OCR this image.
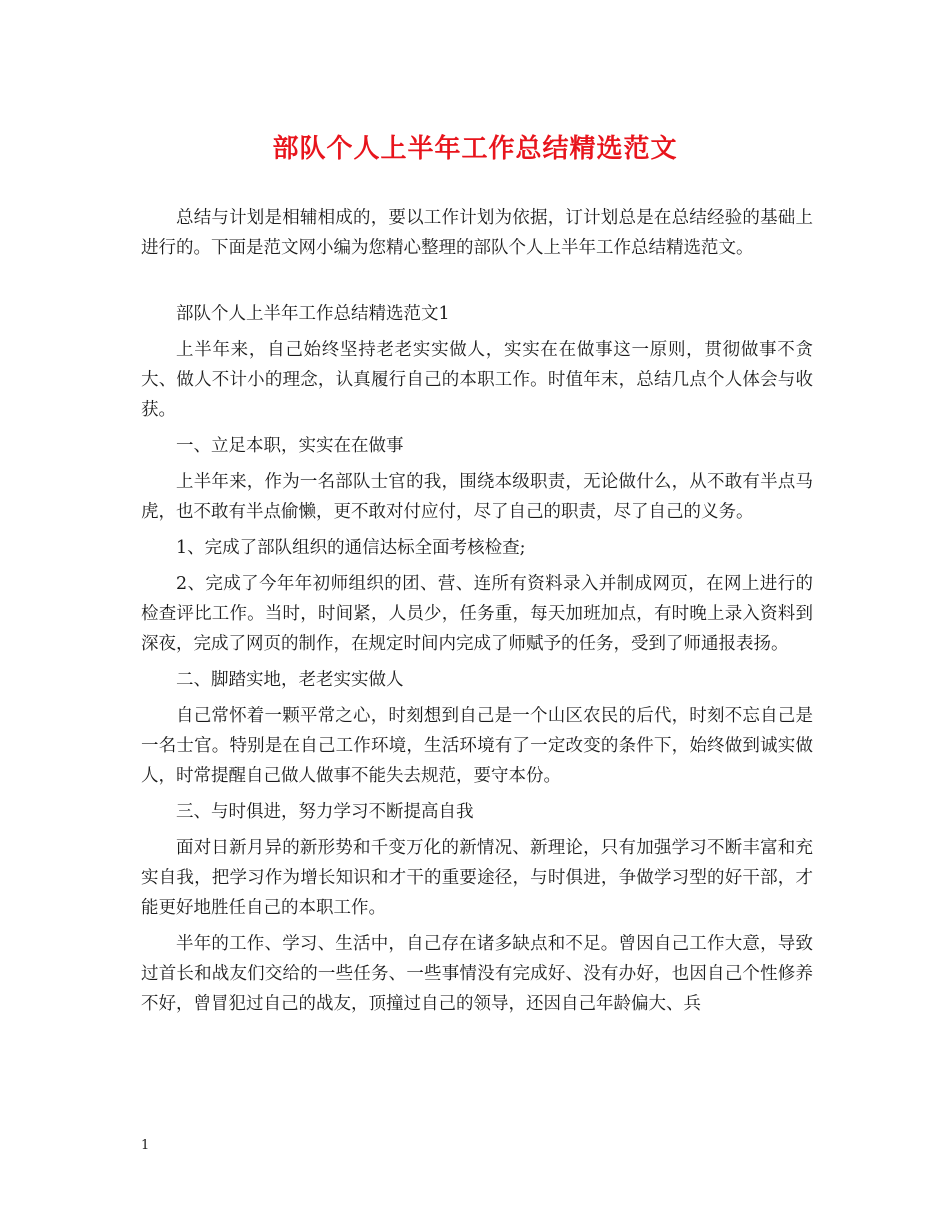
部队个人上半年工作总结精选范文

总结与计划是相辅相成的，要以工作计划为依据，订计划总是在总结经验的基础上进行的。下面是范文网小编为您精心整理的部队个人上半年工作总结精选范文。

部队个人上半年工作总结精选范文1

上半年来，自己始终坚持老老实实做人，实实在在做事这一原则，贯彻做事不贪大、做人不计小的理念，认真履行自己的本职工作。时值年末，总结几点个人体会与收获。

一、立足本职，实实在在做事

上半年来，作为一名部队士官的我，围绕本级职责，无论做什么，从不敢有半点马虎，也不敢有半点偷懒，更不敢对付应付，尽了自己的职责，尽了自己的义务。

1、完成了部队组织的通信达标全面考核检查;

2、完成了今年年初师组织的团、营、连所有资料录入并制成网页，在网上进行的检查评比工作。当时，时间紧，人员少，任务重，每天加班加点，有时晚上录入资料到深夜，完成了网页的制作，在规定时间内完成了师赋予的任务，受到了师通报表扬。

二、脚踏实地，老老实实做人

自己常怀着一颗平常之心，时刻想到自己是一个山区农民的后代，时刻不忘自己是一名士官。特别是在自己工作环境，生活环境有了一定改变的条件下，始终做到诚实做人，时常提醒自己做人做事不能失去规范，要守本份。

三、与时俱进，努力学习不断提高自我

面对日新月异的新形势和千变万化的新情况、新理论，只有加强学习不断丰富和充实自我，把学习作为增长知识和才干的重要途径，与时俱进，争做学习型的好干部，才能更好地胜任自己的本职工作。

半年的工作、学习、生活中，自己存在诸多缺点和不足。曾因自己工作大意，导致过首长和战友们交给的一些任务、一些事情没有完成好、没有办好，也因自己个性修养不好，曾冒犯过自己的战友，顶撞过自己的领导，还因自己年龄偏大、兵

1
